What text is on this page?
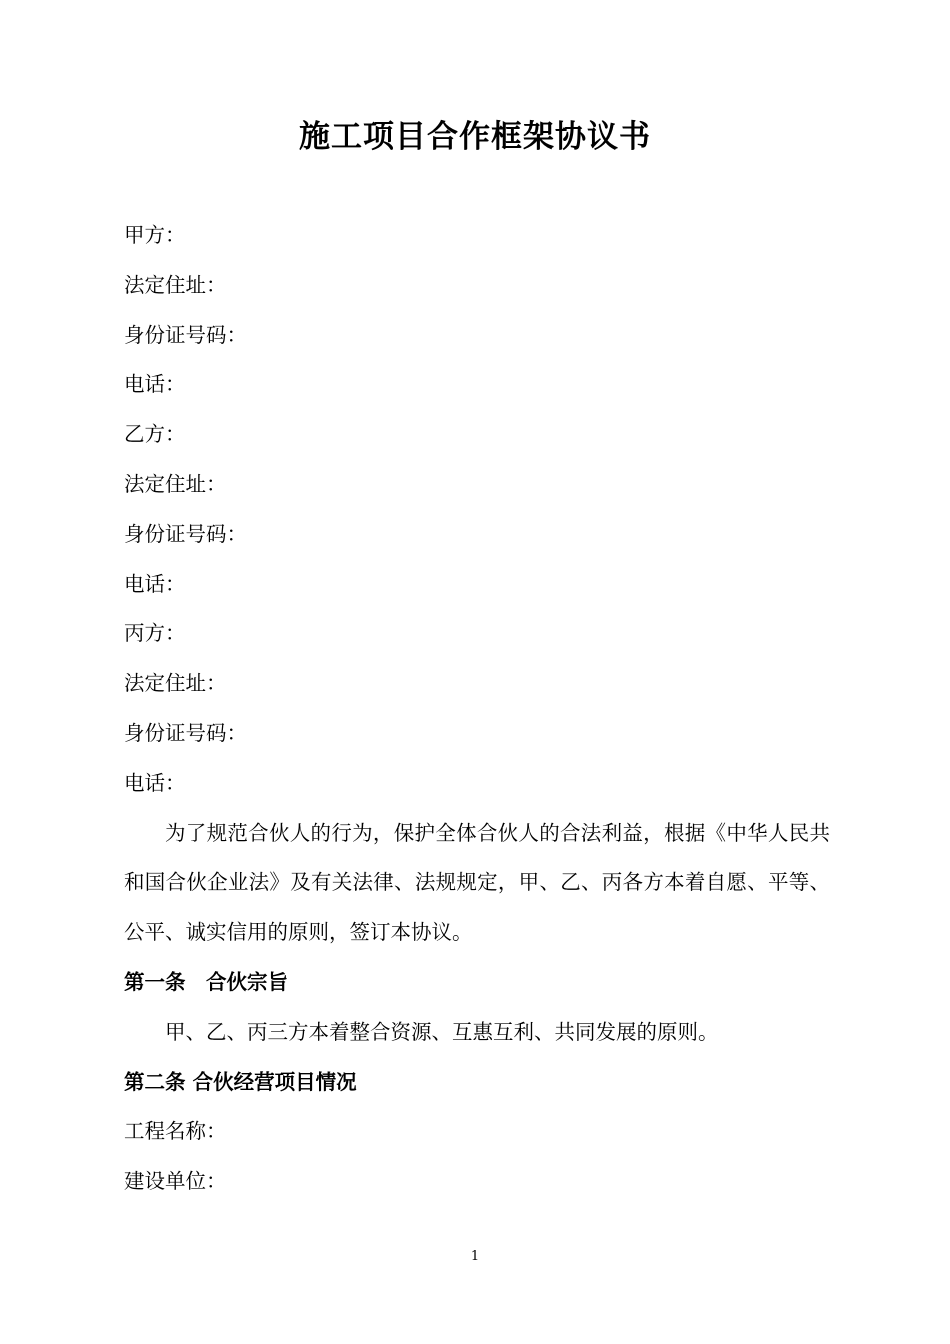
施工项目合作框架协议书

甲方：

法定住址：

身份证号码：

电话：

乙方：

法定住址：

身份证号码：

电话：

丙方：

法定住址：

身份证号码：

电话：

为了规范合伙人的行为，保护全体合伙人的合法利益，根据《中华人民共和国合伙企业法》及有关法律、法规规定，甲、乙、丙各方本着自愿、平等、公平、诚实信用的原则，签订本协议。

第一条　合伙宗旨

甲、乙、丙三方本着整合资源、互惠互利、共同发展的原则。

第二条 合伙经营项目情况

工程名称：

建设单位：

1
